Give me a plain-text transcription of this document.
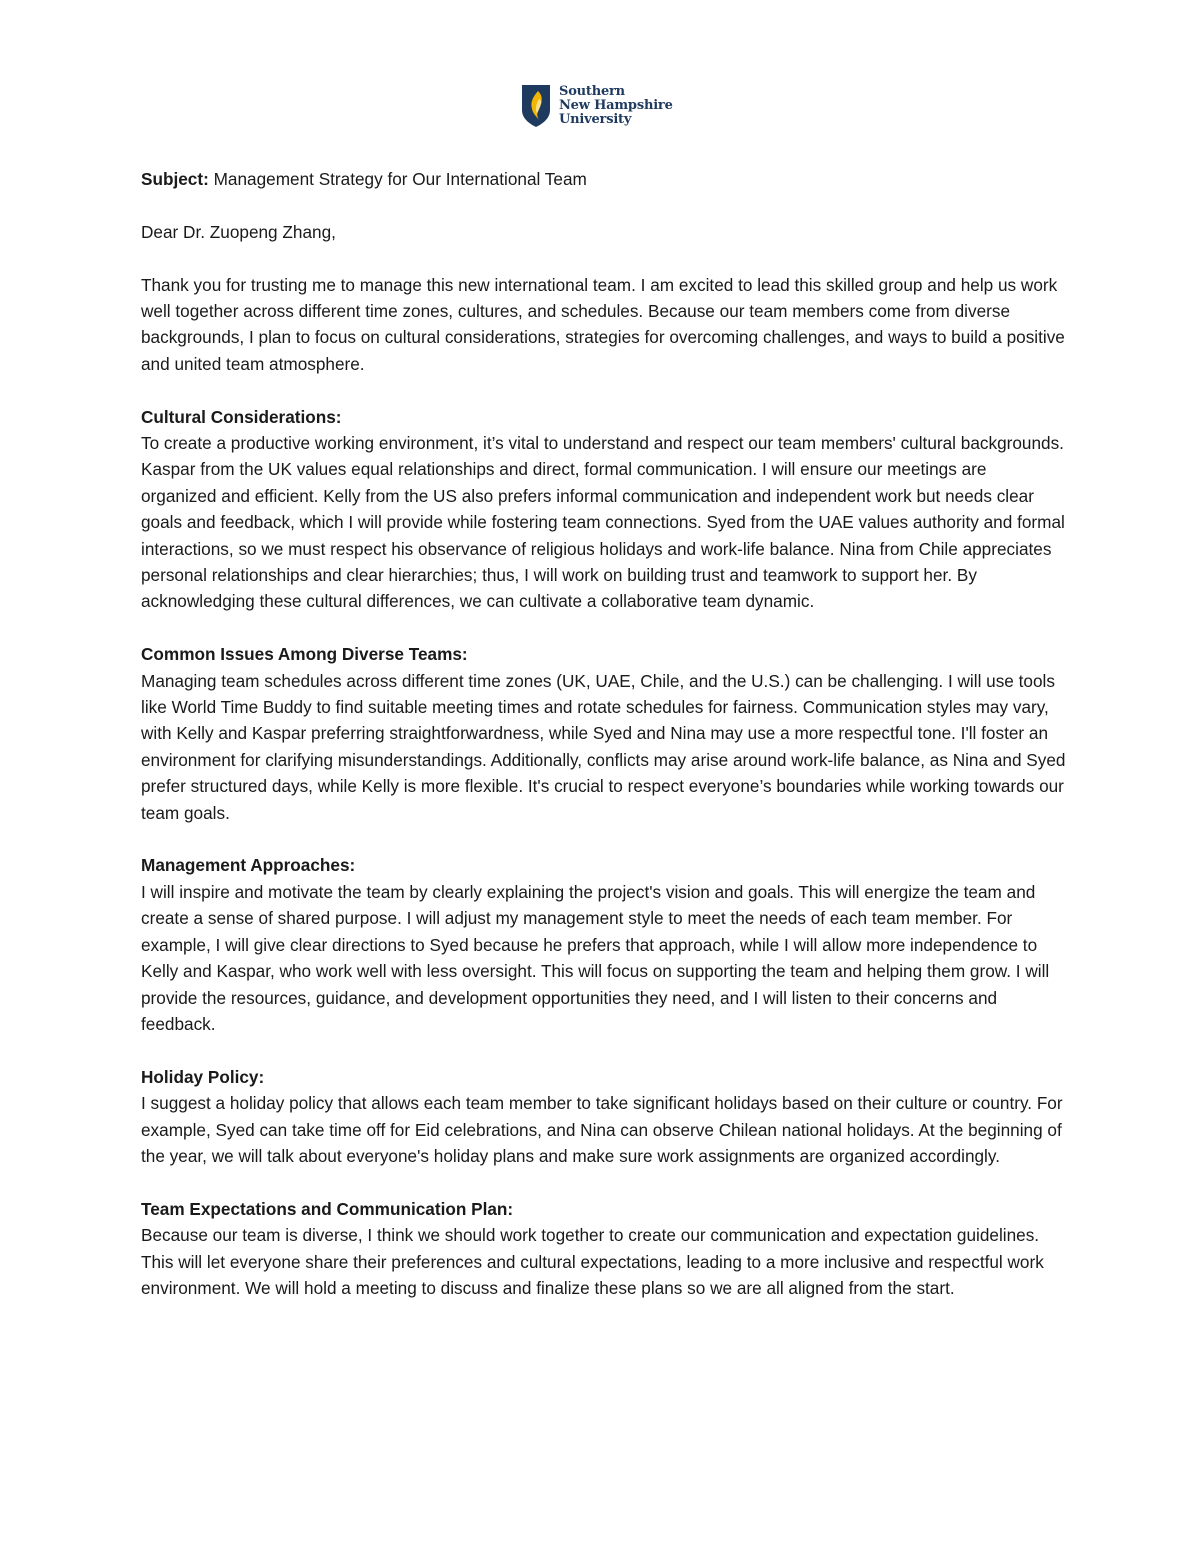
Southern
New Hampshire
University

Subject: Management Strategy for Our International Team

Dear Dr. Zuopeng Zhang,

Thank you for trusting me to manage this new international team. I am excited to lead this skilled group and help us work well together across different time zones, cultures, and schedules. Because our team members come from diverse backgrounds, I plan to focus on cultural considerations, strategies for overcoming challenges, and ways to build a positive and united team atmosphere.

Cultural Considerations:

To create a productive working environment, it’s vital to understand and respect our team members' cultural backgrounds. Kaspar from the UK values equal relationships and direct, formal communication. I will ensure our meetings are organized and efficient. Kelly from the US also prefers informal communication and independent work but needs clear goals and feedback, which I will provide while fostering team connections. Syed from the UAE values authority and formal interactions, so we must respect his observance of religious holidays and work-life balance. Nina from Chile appreciates personal relationships and clear hierarchies; thus, I will work on building trust and teamwork to support her. By acknowledging these cultural differences, we can cultivate a collaborative team dynamic.

Common Issues Among Diverse Teams:

Managing team schedules across different time zones (UK, UAE, Chile, and the U.S.) can be challenging. I will use tools like World Time Buddy to find suitable meeting times and rotate schedules for fairness. Communication styles may vary, with Kelly and Kaspar preferring straightforwardness, while Syed and Nina may use a more respectful tone. I'll foster an environment for clarifying misunderstandings. Additionally, conflicts may arise around work-life balance, as Nina and Syed prefer structured days, while Kelly is more flexible. It's crucial to respect everyone’s boundaries while working towards our team goals.

Management Approaches:

I will inspire and motivate the team by clearly explaining the project's vision and goals. This will energize the team and create a sense of shared purpose. I will adjust my management style to meet the needs of each team member. For example, I will give clear directions to Syed because he prefers that approach, while I will allow more independence to Kelly and Kaspar, who work well with less oversight. This will focus on supporting the team and helping them grow. I will provide the resources, guidance, and development opportunities they need, and I will listen to their concerns and feedback.

Holiday Policy:

I suggest a holiday policy that allows each team member to take significant holidays based on their culture or country. For example, Syed can take time off for Eid celebrations, and Nina can observe Chilean national holidays. At the beginning of the year, we will talk about everyone's holiday plans and make sure work assignments are organized accordingly.

Team Expectations and Communication Plan:

Because our team is diverse, I think we should work together to create our communication and expectation guidelines. This will let everyone share their preferences and cultural expectations, leading to a more inclusive and respectful work environment. We will hold a meeting to discuss and finalize these plans so we are all aligned from the start.
